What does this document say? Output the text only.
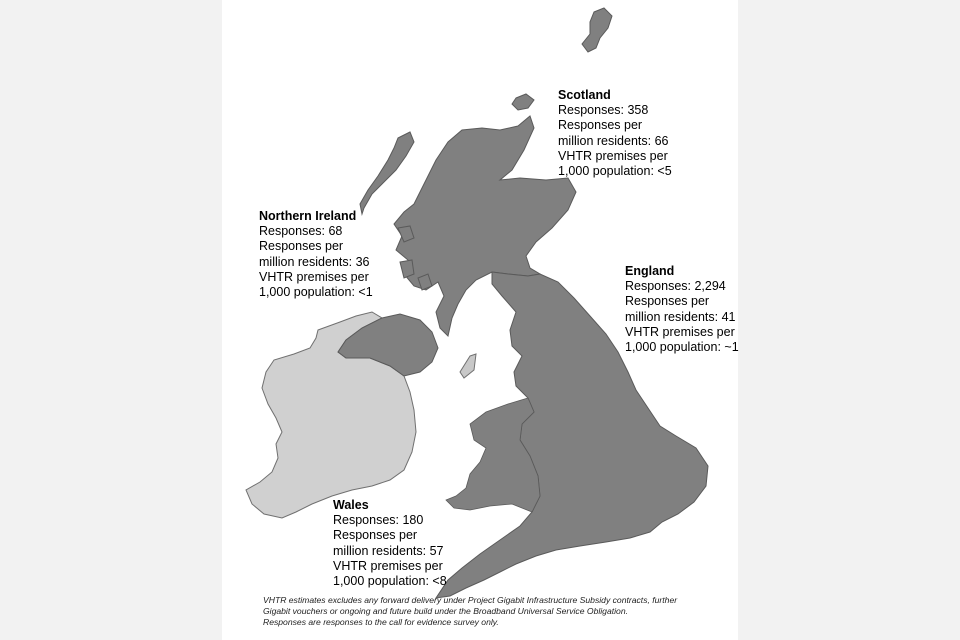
Scotland
Responses: 358
Responses per
million residents: 66
VHTR premises per
1,000 population: <5
Northern Ireland
Responses: 68
Responses per
million residents: 36
VHTR premises per
1,000 population: <1
England
Responses: 2,294
Responses per
million residents: 41
VHTR premises per
1,000 population: ~1
Wales
Responses: 180
Responses per
million residents: 57
VHTR premises per
1,000 population: <8
VHTR estimates excludes any forward delivery under Project Gigabit Infrastructure Subsidy contracts, further
Gigabit vouchers or ongoing and future build under the Broadband Universal Service Obligation.
Responses are responses to the call for evidence survey only.
